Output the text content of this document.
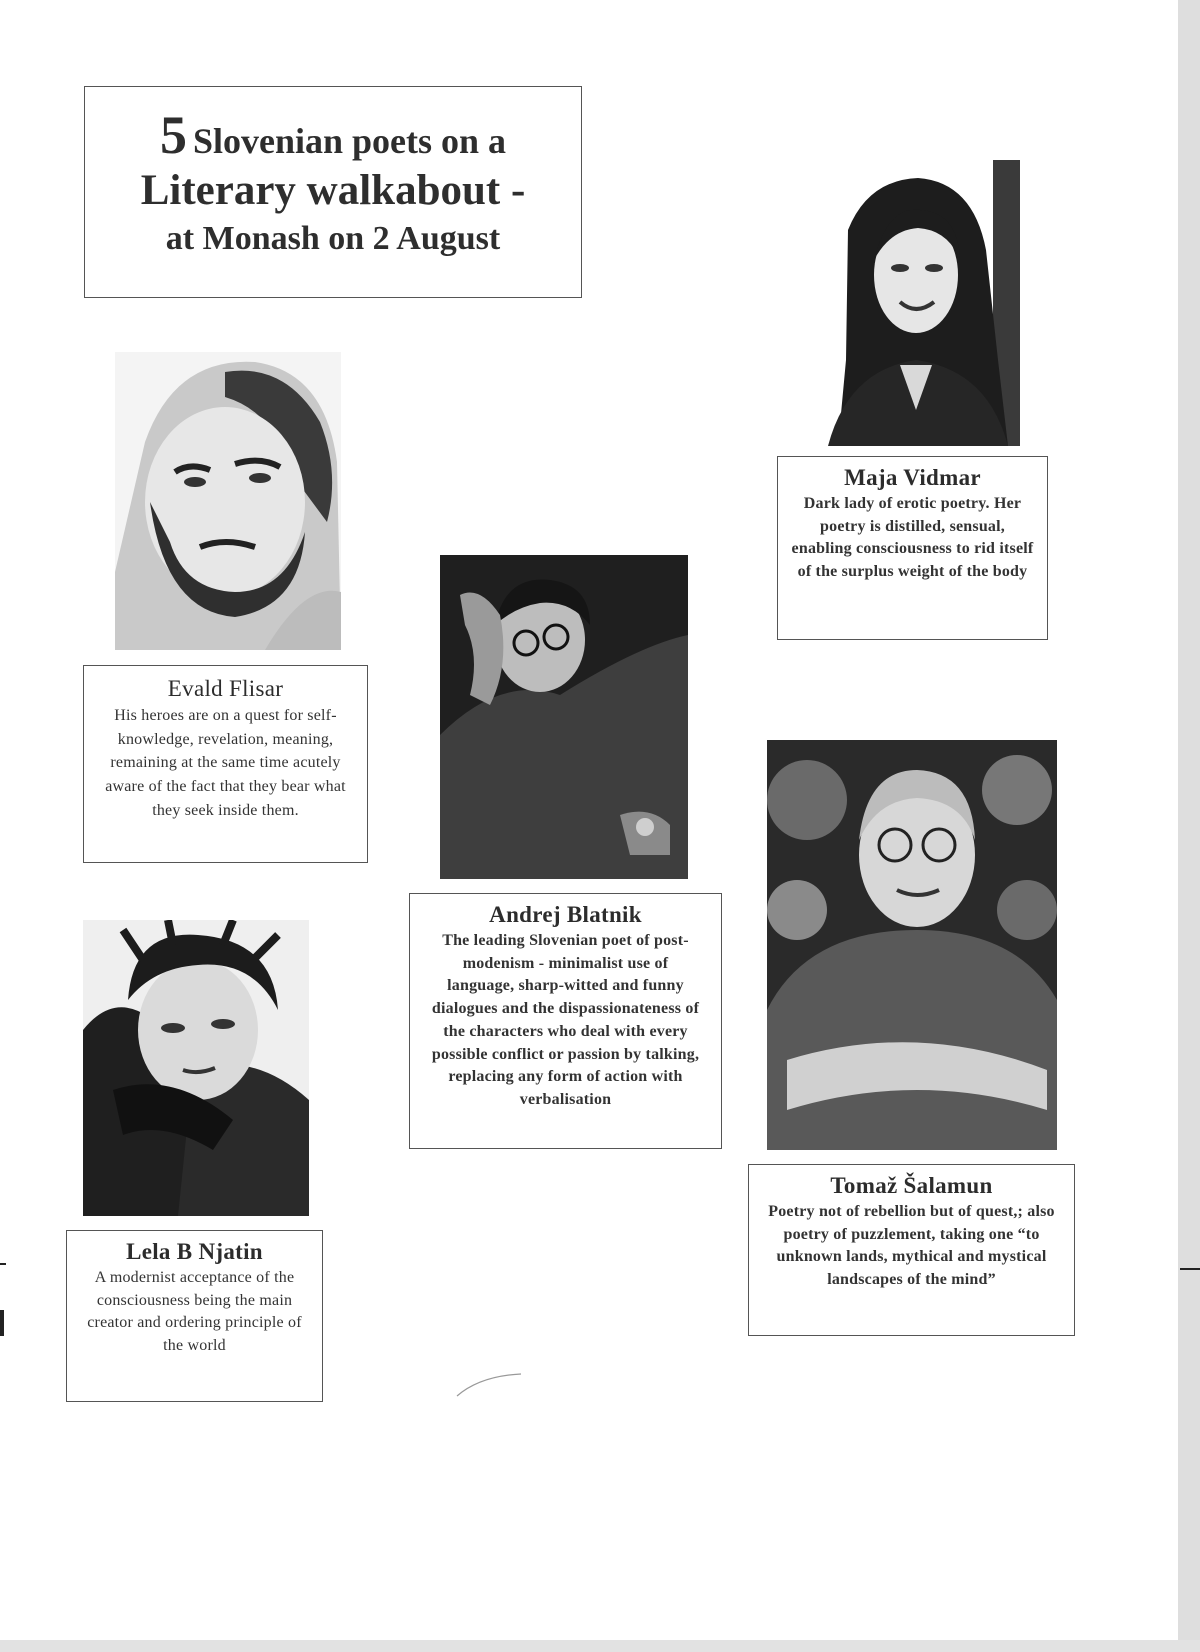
5 Slovenian poets on a
Literary walkabout -
at Monash on 2 August
Maja Vidmar
Dark lady of erotic poetry. Her poetry is distilled, sensual, enabling consciousness to rid itself of the surplus weight of the body
Evald Flisar
His heroes are on a quest for self-knowledge, revelation, meaning, remaining at the same time acutely aware of the fact that they bear what they seek inside them.
Andrej Blatnik
The leading Slovenian poet of post-modenism - minimalist use of language, sharp-witted and funny dialogues and the dispassionateness of the characters who deal with every possible conflict or passion by talking, replacing any form of action with verbalisation
Tomaž Šalamun
Poetry not of rebellion but of quest,; also poetry of puzzlement, taking one “to unknown lands, mythical and mystical landscapes of the mind”
Lela B Njatin
A modernist acceptance of the consciousness being the main creator and ordering principle of the world
